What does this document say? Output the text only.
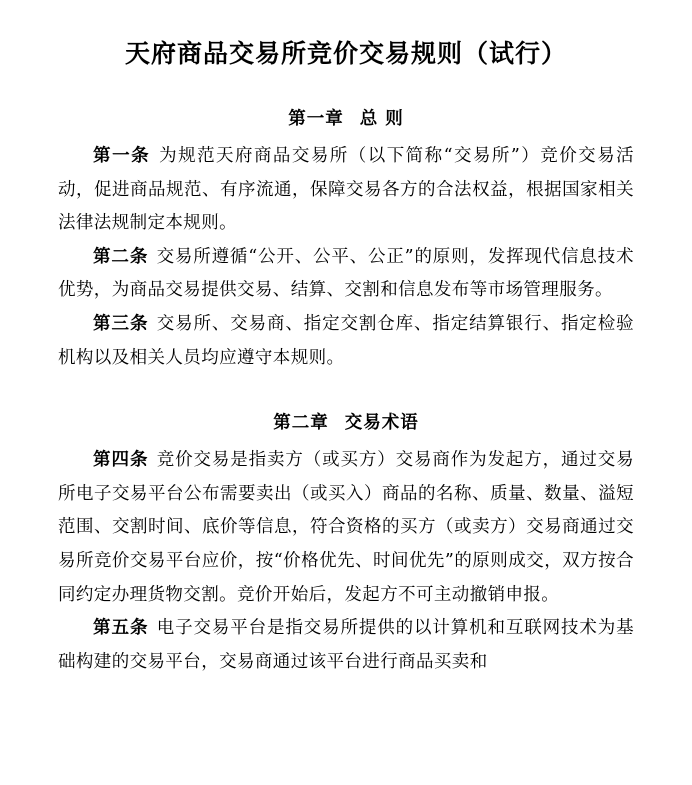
天府商品交易所竞价交易规则（试行）
第一章 总 则

第一条 为规范天府商品交易所（以下简称“交易所”）竞价交易活动，促进商品规范、有序流通，保障交易各方的合法权益，根据国家相关法律法规制定本规则。

第二条 交易所遵循“公开、公平、公正”的原则，发挥现代信息技术优势，为商品交易提供交易、结算、交割和信息发布等市场管理服务。

第三条 交易所、交易商、指定交割仓库、指定结算银行、指定检验机构以及相关人员均应遵守本规则。

第二章 交易术语

第四条 竞价交易是指卖方（或买方）交易商作为发起方，通过交易所电子交易平台公布需要卖出（或买入）商品的名称、质量、数量、溢短范围、交割时间、底价等信息，符合资格的买方（或卖方）交易商通过交易所竞价交易平台应价，按“价格优先、时间优先”的原则成交，双方按合同约定办理货物交割。竞价开始后，发起方不可主动撤销申报。

第五条 电子交易平台是指交易所提供的以计算机和互联网技术为基础构建的交易平台，交易商通过该平台进行商品买卖和
